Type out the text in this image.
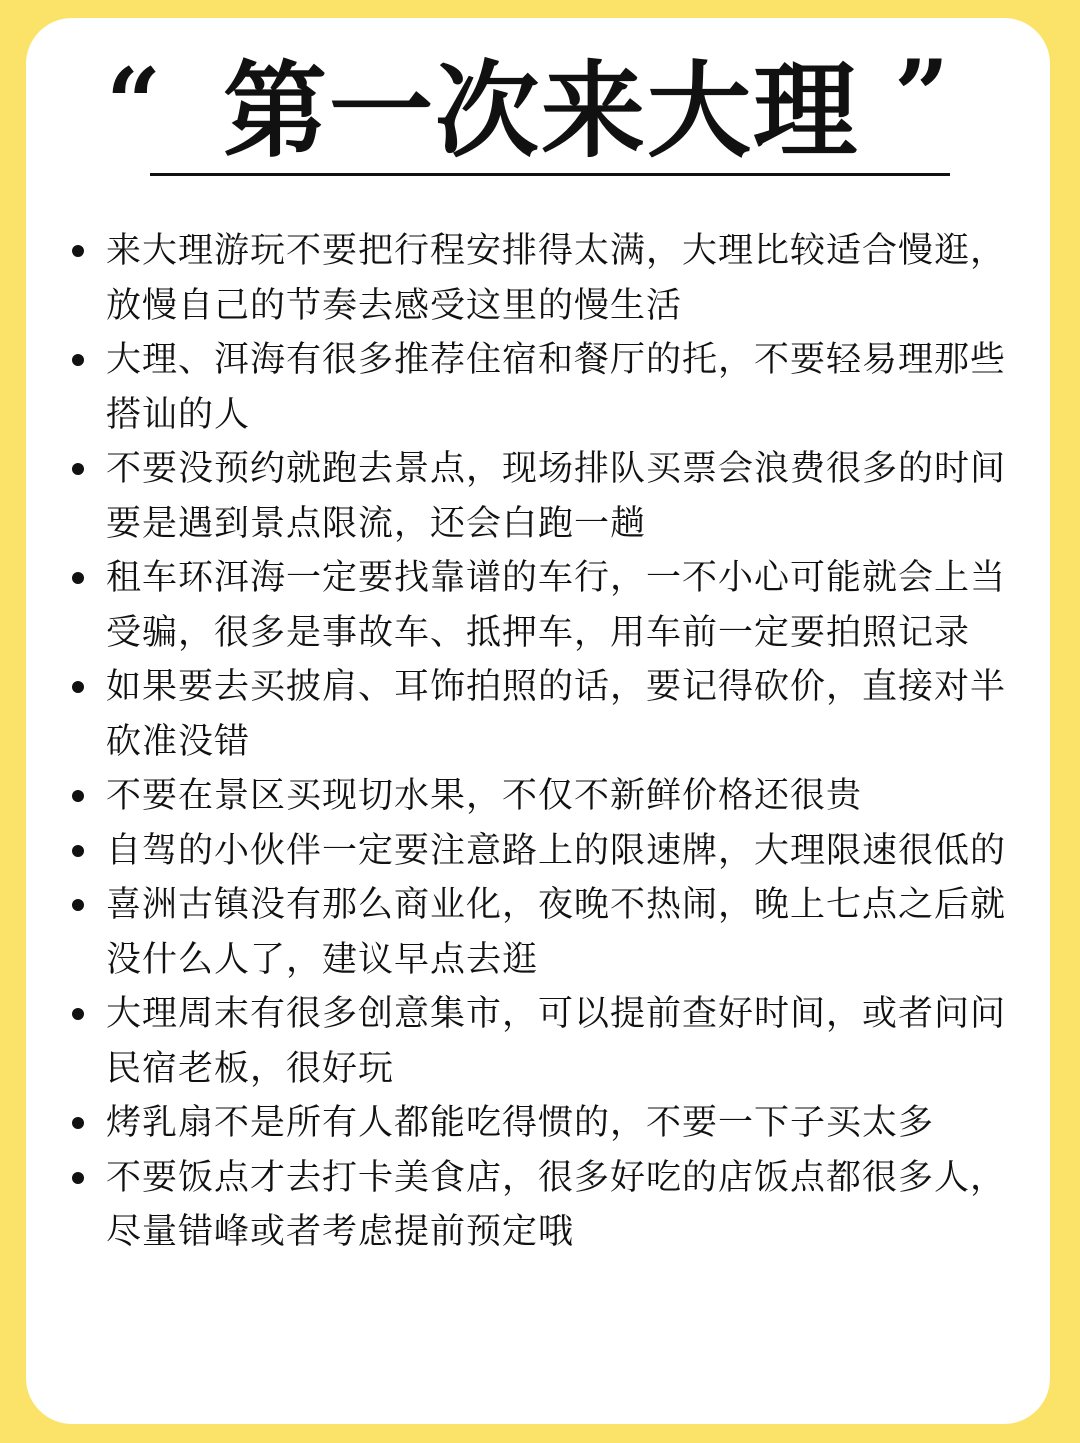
“ 第一次来大理 ”
来大理游玩不要把行程安排得太满，大理比较适合慢逛，放慢自己的节奏去感受这里的慢生活
大理、洱海有很多推荐住宿和餐厅的托，不要轻易理那些搭讪的人
不要没预约就跑去景点，现场排队买票会浪费很多的时间要是遇到景点限流，还会白跑一趟
租车环洱海一定要找靠谱的车行，一不小心可能就会上当受骗，很多是事故车、抵押车，用车前一定要拍照记录
如果要去买披肩、耳饰拍照的话，要记得砍价，直接对半砍准没错
不要在景区买现切水果，不仅不新鲜价格还很贵
自驾的小伙伴一定要注意路上的限速牌，大理限速很低的
喜洲古镇没有那么商业化，夜晚不热闹，晚上七点之后就没什么人了，建议早点去逛
大理周末有很多创意集市，可以提前查好时间，或者问问民宿老板，很好玩
烤乳扇不是所有人都能吃得惯的，不要一下子买太多
不要饭点才去打卡美食店，很多好吃的店饭点都很多人，尽量错峰或者考虑提前预定哦
